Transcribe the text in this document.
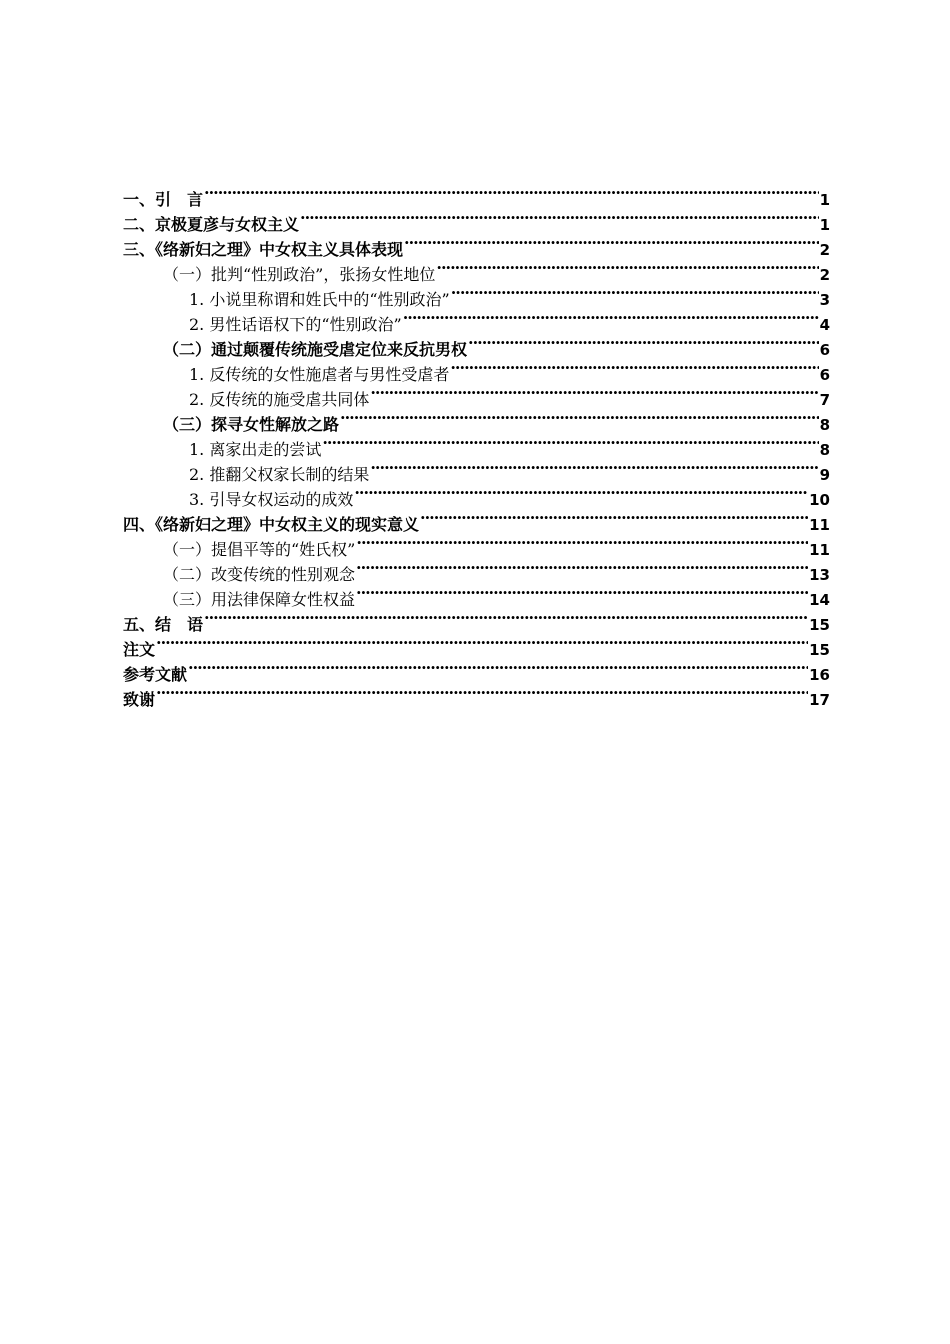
一、引　言 ·····	1
二、京极夏彦与女权主义 ·····	1
三、《络新妇之理》中女权主义具体表现 ·····	2
（一）批判“性别政治”，张扬女性地位 ·····	2
1. 小说里称谓和姓氏中的“性别政治” ·····	3
2. 男性话语权下的“性别政治” ·····	4
（二）通过颠覆传统施受虐定位来反抗男权 ·····	6
1. 反传统的女性施虐者与男性受虐者 ·····	6
2. 反传统的施受虐共同体 ·····	7
（三）探寻女性解放之路 ·····	8
1. 离家出走的尝试 ·····	8
2. 推翻父权家长制的结果 ·····	9
3. 引导女权运动的成效 ·····	10
四、《络新妇之理》中女权主义的现实意义 ·····	11
（一）提倡平等的“姓氏权” ·····	11
（二）改变传统的性别观念 ·····	13
（三）用法律保障女性权益 ·····	14
五、结　语 ·····	15
注文 ·····	15
参考文献 ·····	16
致谢 ·····	17
